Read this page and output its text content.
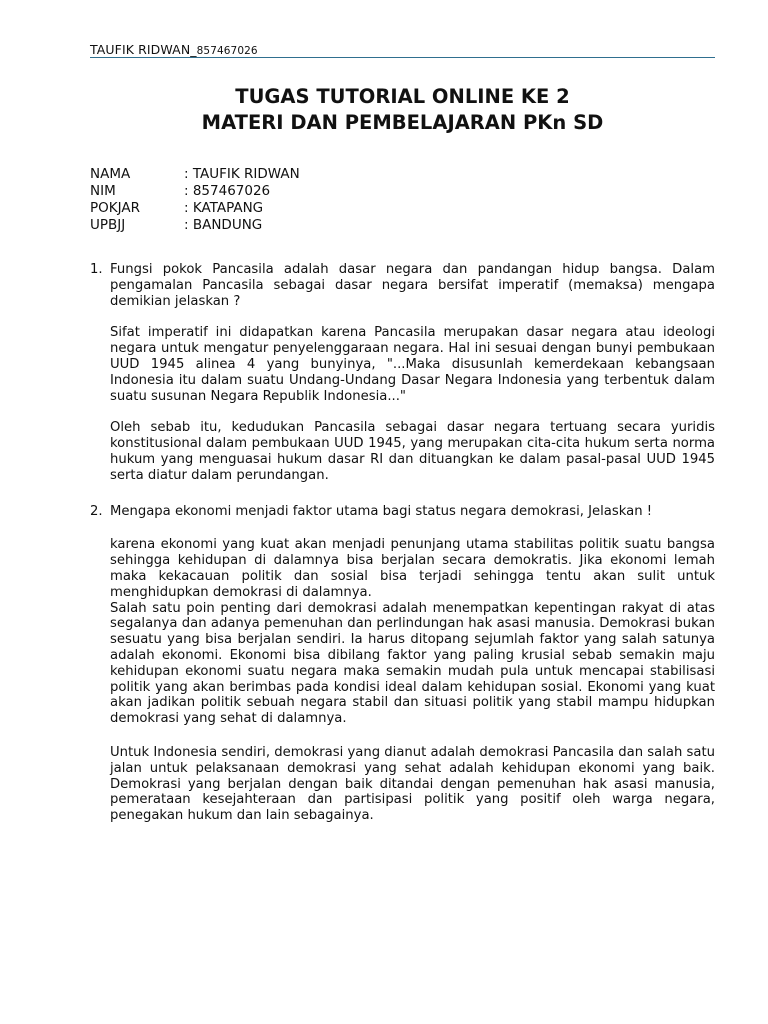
TAUFIK RIDWAN_857467026
TUGAS TUTORIAL ONLINE KE 2
MATERI DAN PEMBELAJARAN PKn SD
NAMA	: TAUFIK RIDWAN
NIM	: 857467026
POKJAR	: KATAPANG
UPBJJ	: BANDUNG
1. Fungsi pokok Pancasila adalah dasar negara dan pandangan hidup bangsa. Dalam pengamalan Pancasila sebagai dasar negara bersifat imperatif (memaksa) mengapa demikian jelaskan ?

Sifat imperatif ini didapatkan karena Pancasila merupakan dasar negara atau ideologi negara untuk mengatur penyelenggaraan negara. Hal ini sesuai dengan bunyi pembukaan UUD 1945 alinea 4 yang bunyinya, "...Maka disusunlah kemerdekaan kebangsaan Indonesia itu dalam suatu Undang-Undang Dasar Negara Indonesia yang terbentuk dalam suatu susunan Negara Republik Indonesia..."

Oleh sebab itu, kedudukan Pancasila sebagai dasar negara tertuang secara yuridis konstitusional dalam pembukaan UUD 1945, yang merupakan cita-cita hukum serta norma hukum yang menguasai hukum dasar RI dan dituangkan ke dalam pasal-pasal UUD 1945 serta diatur dalam perundangan.

2. Mengapa ekonomi menjadi faktor utama bagi status negara demokrasi, Jelaskan !

karena ekonomi yang kuat akan menjadi penunjang utama stabilitas politik suatu bangsa sehingga kehidupan di dalamnya bisa berjalan secara demokratis. Jika ekonomi lemah maka kekacauan politik dan sosial bisa terjadi sehingga tentu akan sulit untuk menghidupkan demokrasi di dalamnya.

Salah satu poin penting dari demokrasi adalah menempatkan kepentingan rakyat di atas segalanya dan adanya pemenuhan dan perlindungan hak asasi manusia. Demokrasi bukan sesuatu yang bisa berjalan sendiri. Ia harus ditopang sejumlah faktor yang salah satunya adalah ekonomi. Ekonomi bisa dibilang faktor yang paling krusial sebab semakin maju kehidupan ekonomi suatu negara maka semakin mudah pula untuk mencapai stabilisasi politik yang akan berimbas pada kondisi ideal dalam kehidupan sosial. Ekonomi yang kuat akan jadikan politik sebuah negara stabil dan situasi politik yang stabil mampu hidupkan demokrasi yang sehat di dalamnya.

Untuk Indonesia sendiri, demokrasi yang dianut adalah demokrasi Pancasila dan salah satu jalan untuk pelaksanaan demokrasi yang sehat adalah kehidupan ekonomi yang baik. Demokrasi yang berjalan dengan baik ditandai dengan pemenuhan hak asasi manusia, pemerataan kesejahteraan dan partisipasi politik yang positif oleh warga negara, penegakan hukum dan lain sebagainya.
